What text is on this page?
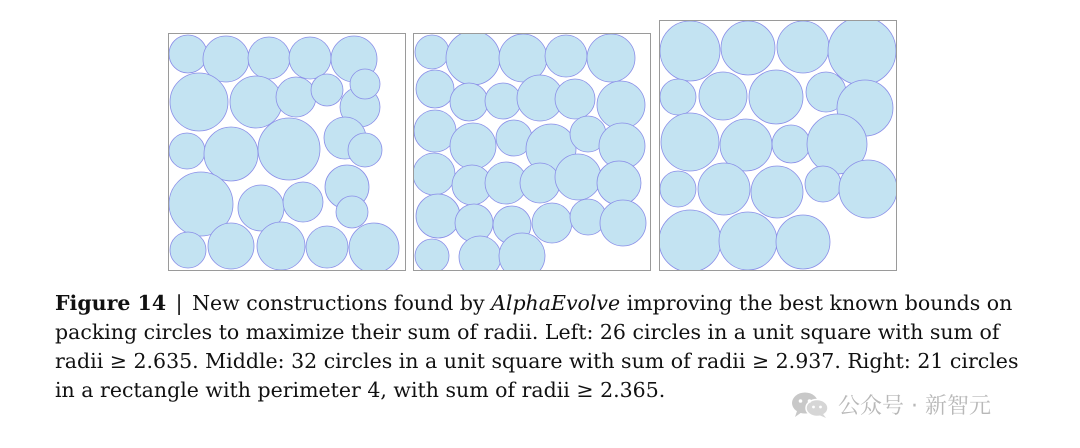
Figure 14 | New constructions found by AlphaEvolve improving the best known bounds on packing circles to maximize their sum of radii. Left: 26 circles in a unit square with sum of radii ≥ 2.635. Middle: 32 circles in a unit square with sum of radii ≥ 2.937. Right: 21 circles in a rectangle with perimeter 4, with sum of radii ≥ 2.365.
公众号 · 新智元
